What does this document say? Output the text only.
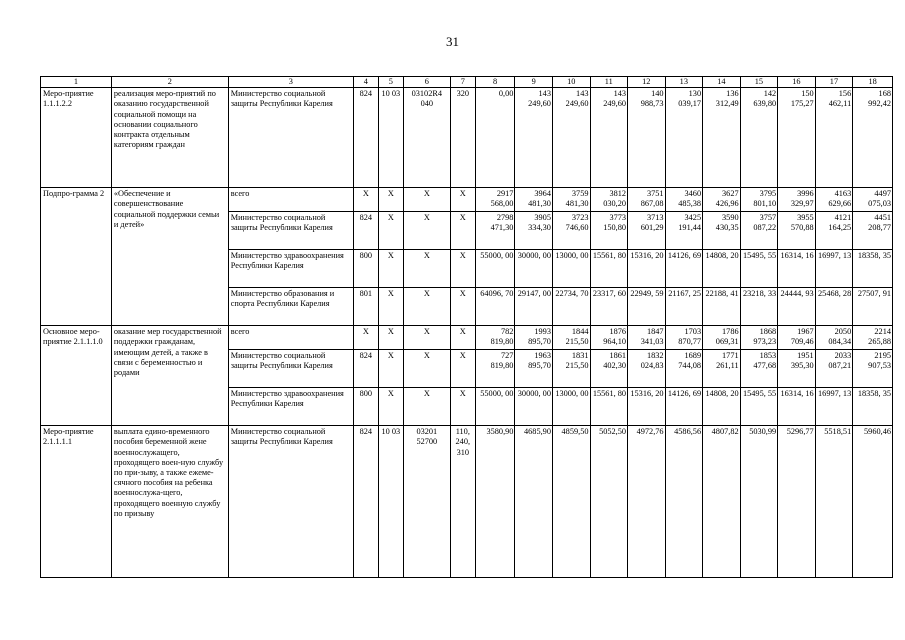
31
1	2	3	4	5	6	7	8	9	10	11	12	13	14	15	16	17	18
Меро-приятие 1.1.1.2.2	реализация меро-приятий по оказанию государственной социальной помощи на основании социального контракта отдельным категориям граждан	Министерство социальной защиты Республики Карелия	824	10 03	03102R4 040	320	0,00	143 249,60	143 249,60	143 249,60	140 988,73	130 039,17	136 312,49	142 639,80	150 175,27	156 462,11	168 992,42
Подпро-грамма 2	«Обеспечение и совершенствование социальной поддержки семьи и детей»	всего	X	X	X	X	2917 568,00	3964 481,30	3759 481,30	3812 030,20	3751 867,08	3460 485,38	3627 426,96	3795 801,10	3996 329,97	4163 629,66	4497 075,03
		Министерство социальной защиты Республики Карелия	824	X	X	X	2798 471,30	3905 334,30	3723 746,60	3773 150,80	3713 601,29	3425 191,44	3590 430,35	3757 087,22	3955 570,88	4121 164,25	4451 208,77
		Министерство здравоохранения Республики Карелия	800	X	X	X	55000, 00	30000, 00	13000, 00	15561, 80	15316, 20	14126, 69	14808, 20	15495, 55	16314, 16	16997, 13	18358, 35
		Министерство образования и спорта Республики Карелия	801	X	X	X	64096, 70	29147, 00	22734, 70	23317, 60	22949, 59	21167, 25	22188, 41	23218, 33	24444, 93	25468, 28	27507, 91
Основное меро-приятие 2.1.1.1.0	оказание мер государственной поддержки гражданам, имеющим детей, а также в связи с беременностью и родами	всего	X	X	X	X	782 819,80	1993 895,70	1844 215,50	1876 964,10	1847 341,03	1703 870,77	1786 069,31	1868 973,23	1967 709,46	2050 084,34	2214 265,88
		Министерство социальной защиты Республики Карелия	824	X	X	X	727 819,80	1963 895,70	1831 215,50	1861 402,30	1832 024,83	1689 744,08	1771 261,11	1853 477,68	1951 395,30	2033 087,21	2195 907,53
		Министерство здравоохранения Республики Карелия	800	X	X	X	55000, 00	30000, 00	13000, 00	15561, 80	15316, 20	14126, 69	14808, 20	15495, 55	16314, 16	16997, 13	18358, 35
Меро-приятие 2.1.1.1.1	выплата едино-временного пособия беременной жене военнослужащего, проходящего воен-ную службу по при-зыву, а также ежеме-сячного пособия на ребенка военнослужа-щего, проходящего военную службу по призыву	Министерство социальной защиты Республики Карелия	824	10 03	03201 52700	110, 240, 310	3580,90	4685,90	4859,50	5052,50	4972,76	4586,56	4807,82	5030,99	5296,77	5518,51	5960,46
